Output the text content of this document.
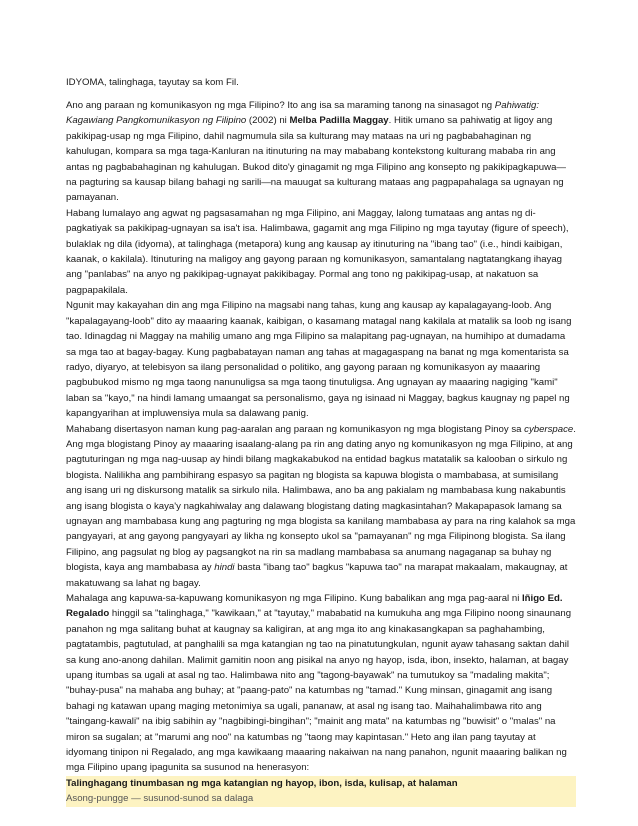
IDYOMA, talinghaga, tayutay sa kom Fil.

Ano ang paraan ng komunikasyon ng mga Filipino? Ito ang isa sa maraming tanong na sinasagot ng Pahiwatig: Kagawiang Pangkomunikasyon ng Filipino (2002) ni Melba Padilla Maggay. Hitik umano sa pahiwatig at ligoy ang pakikipag-usap ng mga Filipino, dahil nagmumula sila sa kulturang may mataas na uri ng pagbabahaginan ng kahulugan, kompara sa mga taga-Kanluran na itinuturing na may mababang kontekstong kulturang mababa rin ang antas ng pagbabahaginan ng kahulugan. Bukod dito'y ginagamit ng mga Filipino ang konsepto ng pakikipagkapuwa—na pagturing sa kausap bilang bahagi ng sarili—na mauugat sa kulturang mataas ang pagpapahalaga sa ugnayan ng pamayanan.

Habang lumalayo ang agwat ng pagsasamahan ng mga Filipino, ani Maggay, lalong tumataas ang antas ng di-pagkatiyak sa pakikipag-ugnayan sa isa't isa. Halimbawa, gagamit ang mga Filipino ng mga tayutay (figure of speech), bulaklak ng dila (idyoma), at talinghaga (metapora) kung ang kausap ay itinuturing na "ibang tao" (i.e., hindi kaibigan, kaanak, o kakilala). Itinuturing na maligoy ang gayong paraan ng komunikasyon, samantalang nagtatangkang ihayag ang "panlabas" na anyo ng pakikipag-ugnayat pakikibagay. Pormal ang tono ng pakikipag-usap, at nakatuon sa pagpapakilala.

Ngunit may kakayahan din ang mga Filipino na magsabi nang tahas, kung ang kausap ay kapalagayang-loob. Ang "kapalagayang-loob" dito ay maaaring kaanak, kaibigan, o kasamang matagal nang kakilala at matalik sa loob ng isang tao. Idinagdag ni Maggay na mahilig umano ang mga Filipino sa malapitang pag-ugnayan, na humihipo at dumadama sa mga tao at bagay-bagay. Kung pagbabatayan naman ang tahas at magagaspang na banat ng mga komentarista sa radyo, diyaryo, at telebisyon sa ilang personalidad o politiko, ang gayong paraan ng komunikasyon ay maaaring pagbubukod mismo ng mga taong nanunuligsa sa mga taong tinutuligsa. Ang ugnayan ay maaaring nagiging "kami" laban sa "kayo," na hindi lamang umaangat sa personalismo, gaya ng isinaad ni Maggay, bagkus kaugnay ng papel ng kapangyarihan at impluwensiya mula sa dalawang panig.

Mahabang disertasyon naman kung pag-aaralan ang paraan ng komunikasyon ng mga blogistang Pinoy sa cyberspace. Ang mga blogistang Pinoy ay maaaring isaalang-alang pa rin ang dating anyo ng komunikasyon ng mga Filipino, at ang pagtuturingan ng mga nag-uusap ay hindi bilang magkakabukod na entidad bagkus matatalik sa kalooban o sirkulo ng blogista. Nalilikha ang pambihirang espasyo sa pagitan ng blogista sa kapuwa blogista o mambabasa, at sumisilang ang isang uri ng diskursong matalik sa sirkulo nila. Halimbawa, ano ba ang pakialam ng mambabasa kung nakabuntis ang isang blogista o kaya'y nagkahiwalay ang dalawang blogistang dating magkasintahan? Makapapasok lamang sa ugnayan ang mambabasa kung ang pagturing ng mga blogista sa kanilang mambabasa ay para na ring kalahok sa mga pangyayari, at ang gayong pangyayari ay likha ng konsepto ukol sa "pamayanan" ng mga Filipinong blogista. Sa ilang Filipino, ang pagsulat ng blog ay pagsangkot na rin sa madlang mambabasa sa anumang nagaganap sa buhay ng blogista, kaya ang mambabasa ay hindi basta "ibang tao" bagkus "kapuwa tao" na marapat makaalam, makaugnay, at makatuwang sa lahat ng bagay.

Mahalaga ang kapuwa-sa-kapuwang komunikasyon ng mga Filipino. Kung babalikan ang mga pag-aaral ni Iñigo Ed. Regalado hinggil sa "talinghaga," "kawikaan," at "tayutay," mababatid na kumukuha ang mga Filipino noong sinaunang panahon ng mga salitang buhat at kaugnay sa kaligiran, at ang mga ito ang kinakasangkapan sa paghahambing, pagtatambis, pagtutulad, at panghalili sa mga katangian ng tao na pinatutungkulan, ngunit ayaw tahasang saktan dahil sa kung ano-anong dahilan. Malimit gamitin noon ang pisikal na anyo ng hayop, isda, ibon, insekto, halaman, at bagay upang itumbas sa ugali at asal ng tao. Halimbawa nito ang "tagong-bayawak" na tumutukoy sa "madaling makita"; "buhay-pusa" na mahaba ang buhay; at "paang-pato" na katumbas ng "tamad." Kung minsan, ginagamit ang isang bahagi ng katawan upang maging metonimiya sa ugali, pananaw, at asal ng isang tao. Maihahalimbawa rito ang "taingang-kawali" na ibig sabihin ay "nagbibingi-bingihan"; "mainit ang mata" na katumbas ng "buwisit" o "malas" na miron sa sugalan; at "marumi ang noo" na katumbas ng "taong may kapintasan." Heto ang ilan pang tayutay at idyomang tinipon ni Regalado, ang mga kawikaang maaaring nakaiwan na nang panahon, ngunit maaaring balikan ng mga Filipino upang ipagunita sa susunod na henerasyon:

Talinghagang tinumbasan ng mga katangian ng hayop, ibon, isda, kulisap, at halaman

Asong-pungge — susunod-sunod sa dalaga
